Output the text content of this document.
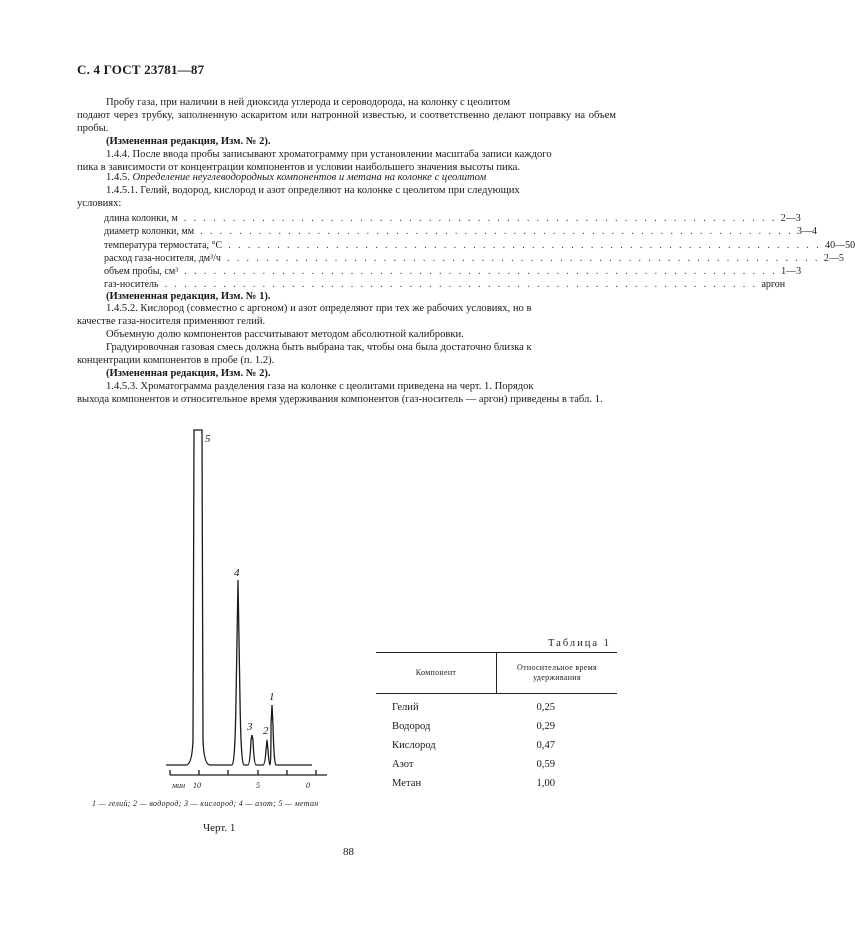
С. 4 ГОСТ 23781—87
Пробу газа, при наличии в ней диоксида углерода и сероводорода, на колонку с цеолитом
подают через трубку, заполненную аскаритом или натронной известью, и соответственно делают поправку на объем пробы.
(Измененная редакция, Изм. № 2).
1.4.4. После ввода пробы записывают хроматограмму при установлении масштаба записи каждого
пика в зависимости от концентрации компонентов и условии наибольшего значения высоты пика.
1.4.5. Определение неуглеводородных компонентов и метана на колонке с цеолитом
1.4.5.1. Гелий, водород, кислород и азот определяют на колонке с цеолитом при следующих
условиях:
длина колонки, м . . . . . . . . . . . . . . . . . . . . . . . . . . . . . . . . . . . . . . . . . . . . . . . . . . . . . . . . . . . . . 2—3
диаметр колонки, мм . . . . . . . . . . . . . . . . . . . . . . . . . . . . . . . . . . . . . . . . . . . . . . . . . . . . . . . . . . . . . 3—4
температура термостата, °С . . . . . . . . . . . . . . . . . . . . . . . . . . . . . . . . . . . . . . . . . . . . . . . . . . . . . . . . . . . . . 40—50
расход газа-носителя, дм³/ч . . . . . . . . . . . . . . . . . . . . . . . . . . . . . . . . . . . . . . . . . . . . . . . . . . . . . . . . . . . . . 2—5
объем пробы, см³ . . . . . . . . . . . . . . . . . . . . . . . . . . . . . . . . . . . . . . . . . . . . . . . . . . . . . . . . . . . . . 1—3
газ-носитель . . . . . . . . . . . . . . . . . . . . . . . . . . . . . . . . . . . . . . . . . . . . . . . . . . . . . . . . . . . . . аргон
(Измененная редакция, Изм. № 1).
1.4.5.2. Кислород (совместно с аргоном) и азот определяют при тех же рабочих условиях, но в
качестве газа-носителя применяют гелий.
Объемную долю компонентов рассчитывают методом абсолютной калибровки.
Градуировочная газовая смесь должна быть выбрана так, чтобы она была достаточно близка к
концентрации компонентов в пробе (п. 1.2).
(Измененная редакция, Изм. № 2).
1.4.5.3. Хроматограмма разделения газа на колонке с цеолитами приведена на черт. 1. Порядок
выхода компонентов и относительное время удерживания компонентов (газ-носитель — аргон) приведены в табл. 1.
5
4
3 2
1
мин 10	5	0
1 — гелий; 2 — водород; 3 — кислород; 4 — азот; 5 — метан
Черт. 1
Таблица 1
Компонент	Относительное время удерживания
Гелий	0,25
Водород	0,29
Кислород	0,47
Азот	0,59
Метан	1,00
88
